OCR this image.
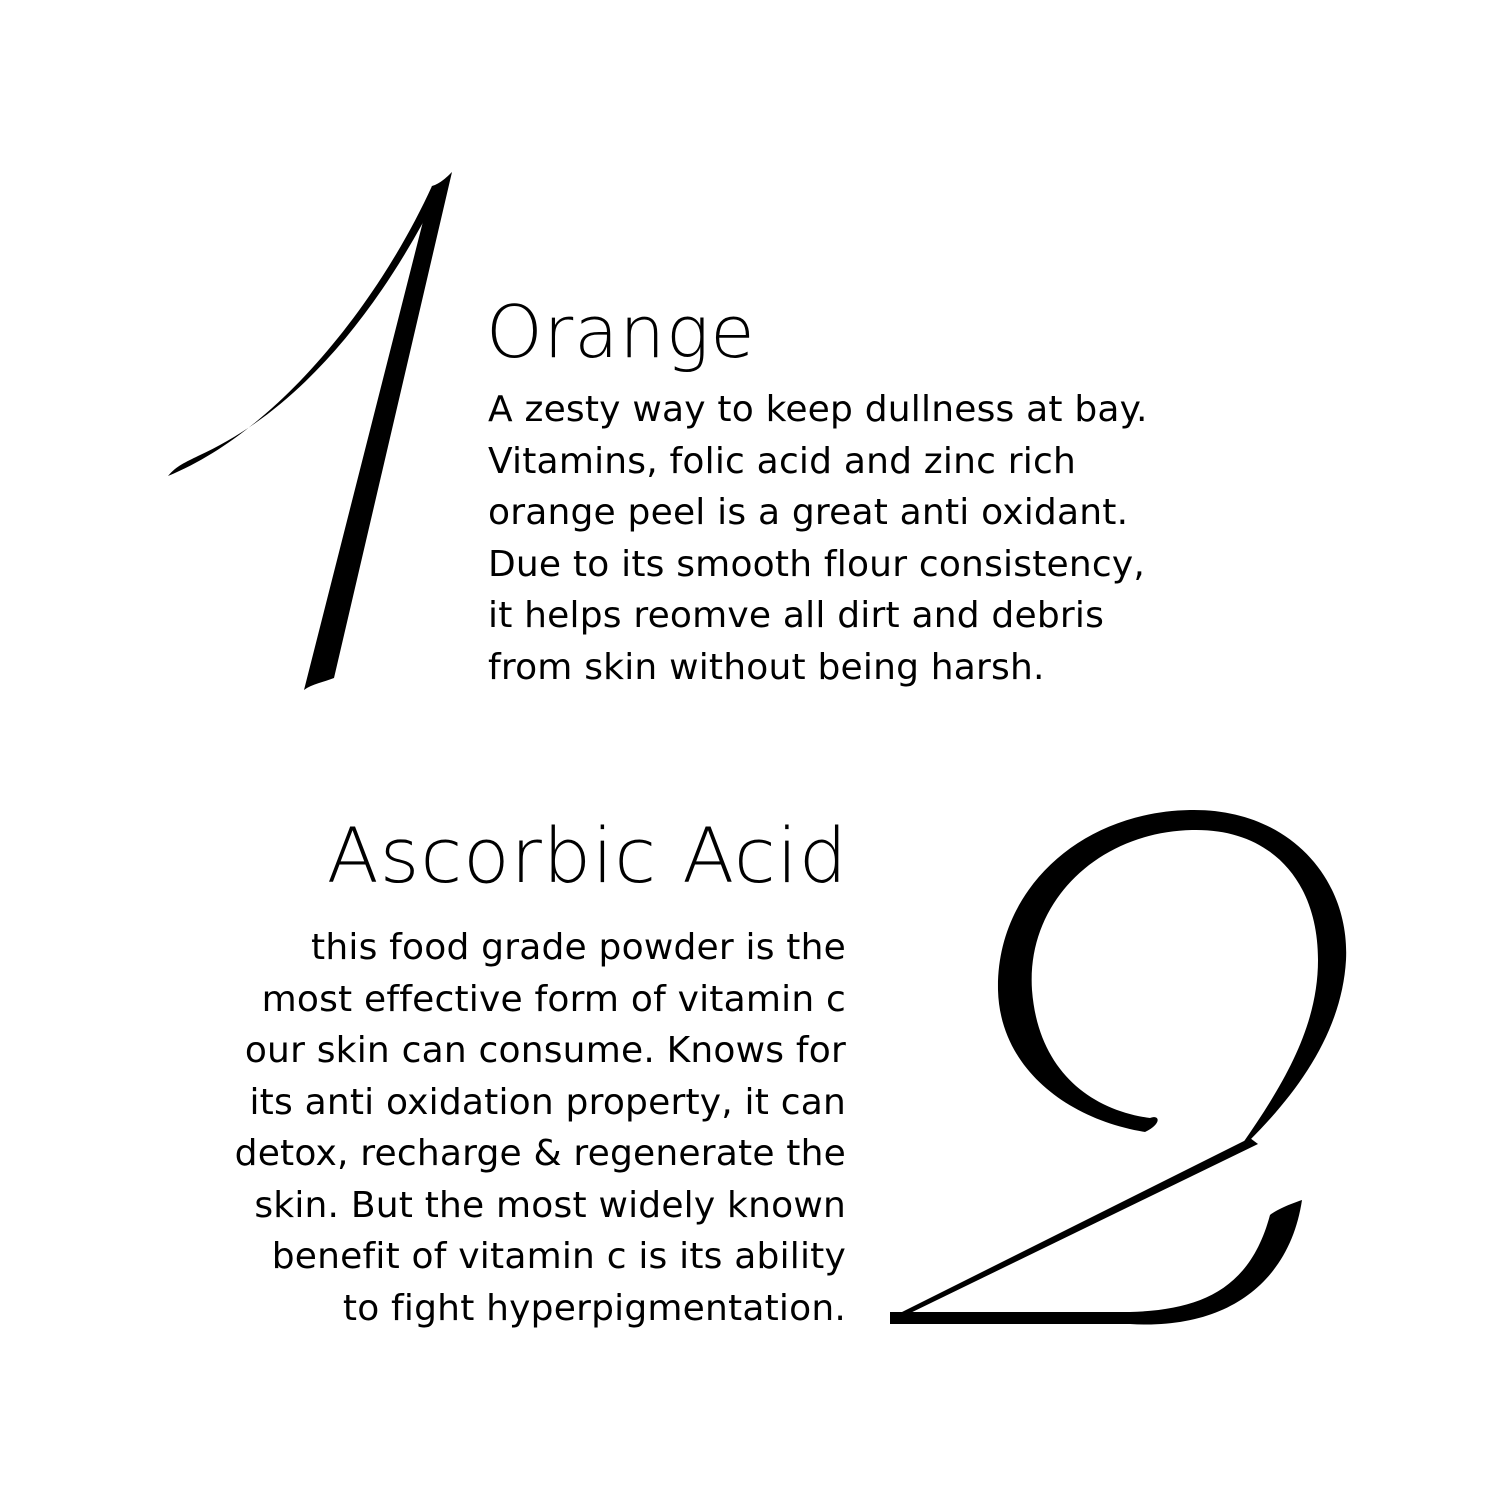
Orange

A zesty way to keep dullness at bay.
Vitamins, folic acid and zinc rich
orange peel is a great anti oxidant.
Due to its smooth flour consistency,
it helps reomve all dirt and debris
from skin without being harsh.

Ascorbic Acid

this food grade powder is the
most effective form of vitamin c
our skin can consume. Knows for
its anti oxidation property, it can
detox, recharge & regenerate the
skin. But the most widely known
benefit of vitamin c is its ability
to fight hyperpigmentation.
